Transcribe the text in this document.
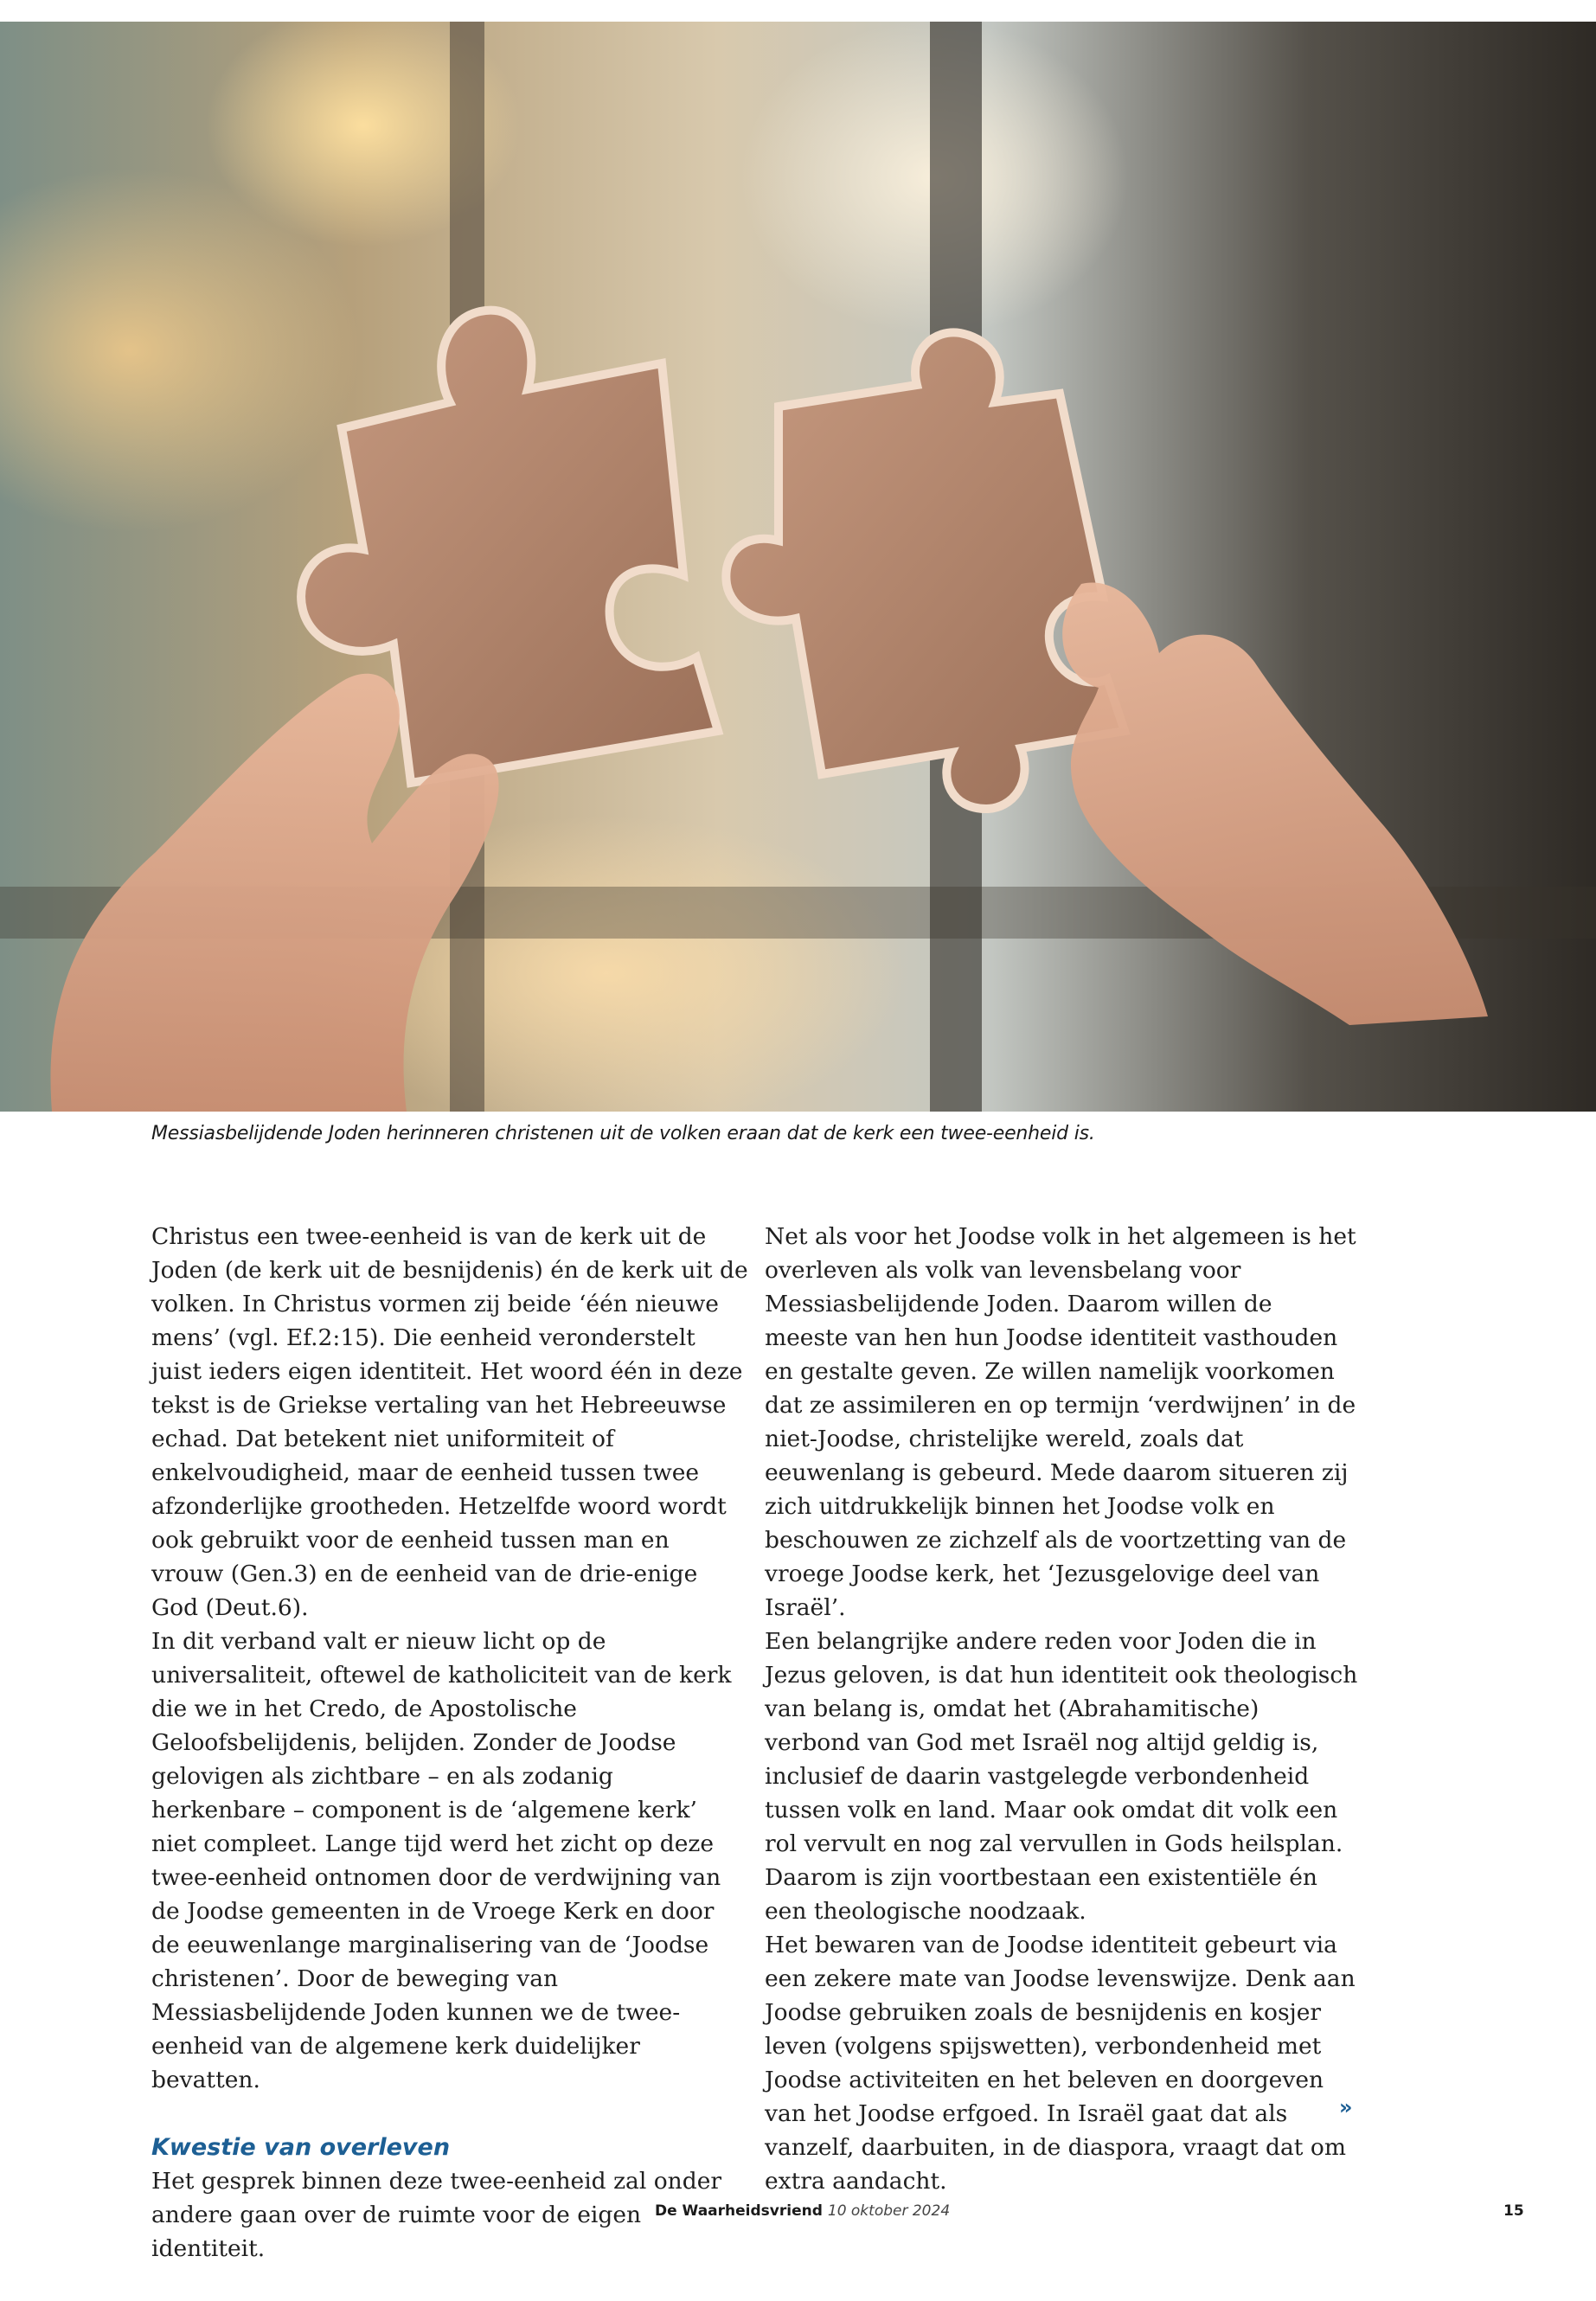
Messiasbelijdende Joden herinneren christenen uit de volken eraan dat de kerk een twee-eenheid is.

Christus een twee-eenheid is van de kerk uit de Joden (de kerk uit de besnijdenis) én de kerk uit de volken. In Christus vormen zij beide ‘één nieuwe mens’ (vgl. Ef.2:15). Die eenheid veronderstelt juist ieders eigen identiteit. Het woord één in deze tekst is de Griekse vertaling van het Hebreeuwse echad. Dat betekent niet uniformiteit of enkelvoudigheid, maar de eenheid tussen twee afzonderlijke grootheden. Hetzelfde woord wordt ook gebruikt voor de eenheid tussen man en vrouw (Gen.3) en de eenheid van de drie-enige God (Deut.6).

In dit verband valt er nieuw licht op de universaliteit, oftewel de katholiciteit van de kerk die we in het Credo, de Apostolische Geloofsbelijdenis, belijden. Zonder de Joodse gelovigen als zichtbare – en als zodanig herkenbare – component is de ‘algemene kerk’ niet compleet. Lange tijd werd het zicht op deze twee-eenheid ontnomen door de verdwijning van de Joodse gemeenten in de Vroege Kerk en door de eeuwenlange marginalisering van de ‘Joodse christenen’. Door de beweging van Messiasbelijdende Joden kunnen we de twee-eenheid van de algemene kerk duidelijker bevatten.

Kwestie van overleven

Het gesprek binnen deze twee-eenheid zal onder andere gaan over de ruimte voor de eigen identiteit.

Net als voor het Joodse volk in het algemeen is het overleven als volk van levensbelang voor Messiasbelijdende Joden. Daarom willen de meeste van hen hun Joodse identiteit vasthouden en gestalte geven. Ze willen namelijk voorkomen dat ze assimileren en op termijn ‘verdwijnen’ in de niet-Joodse, christelijke wereld, zoals dat eeuwenlang is gebeurd. Mede daarom situeren zij zich uitdrukkelijk binnen het Joodse volk en beschouwen ze zichzelf als de voortzetting van de vroege Joodse kerk, het ‘Jezusgelovige deel van Israël’.

Een belangrijke andere reden voor Joden die in Jezus geloven, is dat hun identiteit ook theologisch van belang is, omdat het (Abrahamitische) verbond van God met Israël nog altijd geldig is, inclusief de daarin vastgelegde verbondenheid tussen volk en land. Maar ook omdat dit volk een rol vervult en nog zal vervullen in Gods heilsplan. Daarom is zijn voortbestaan een existentiële én een theologische noodzaak.

Het bewaren van de Joodse identiteit gebeurt via een zekere mate van Joodse levenswijze. Denk aan Joodse gebruiken zoals de besnijdenis en kosjer leven (volgens spijswetten), verbondenheid met Joodse activiteiten en het beleven en doorgeven van het Joodse erfgoed. In Israël gaat dat als vanzelf, daarbuiten, in de diaspora, vraagt dat om extra aandacht.

»
De Waarheidsvriend 10 oktober 2024	15
